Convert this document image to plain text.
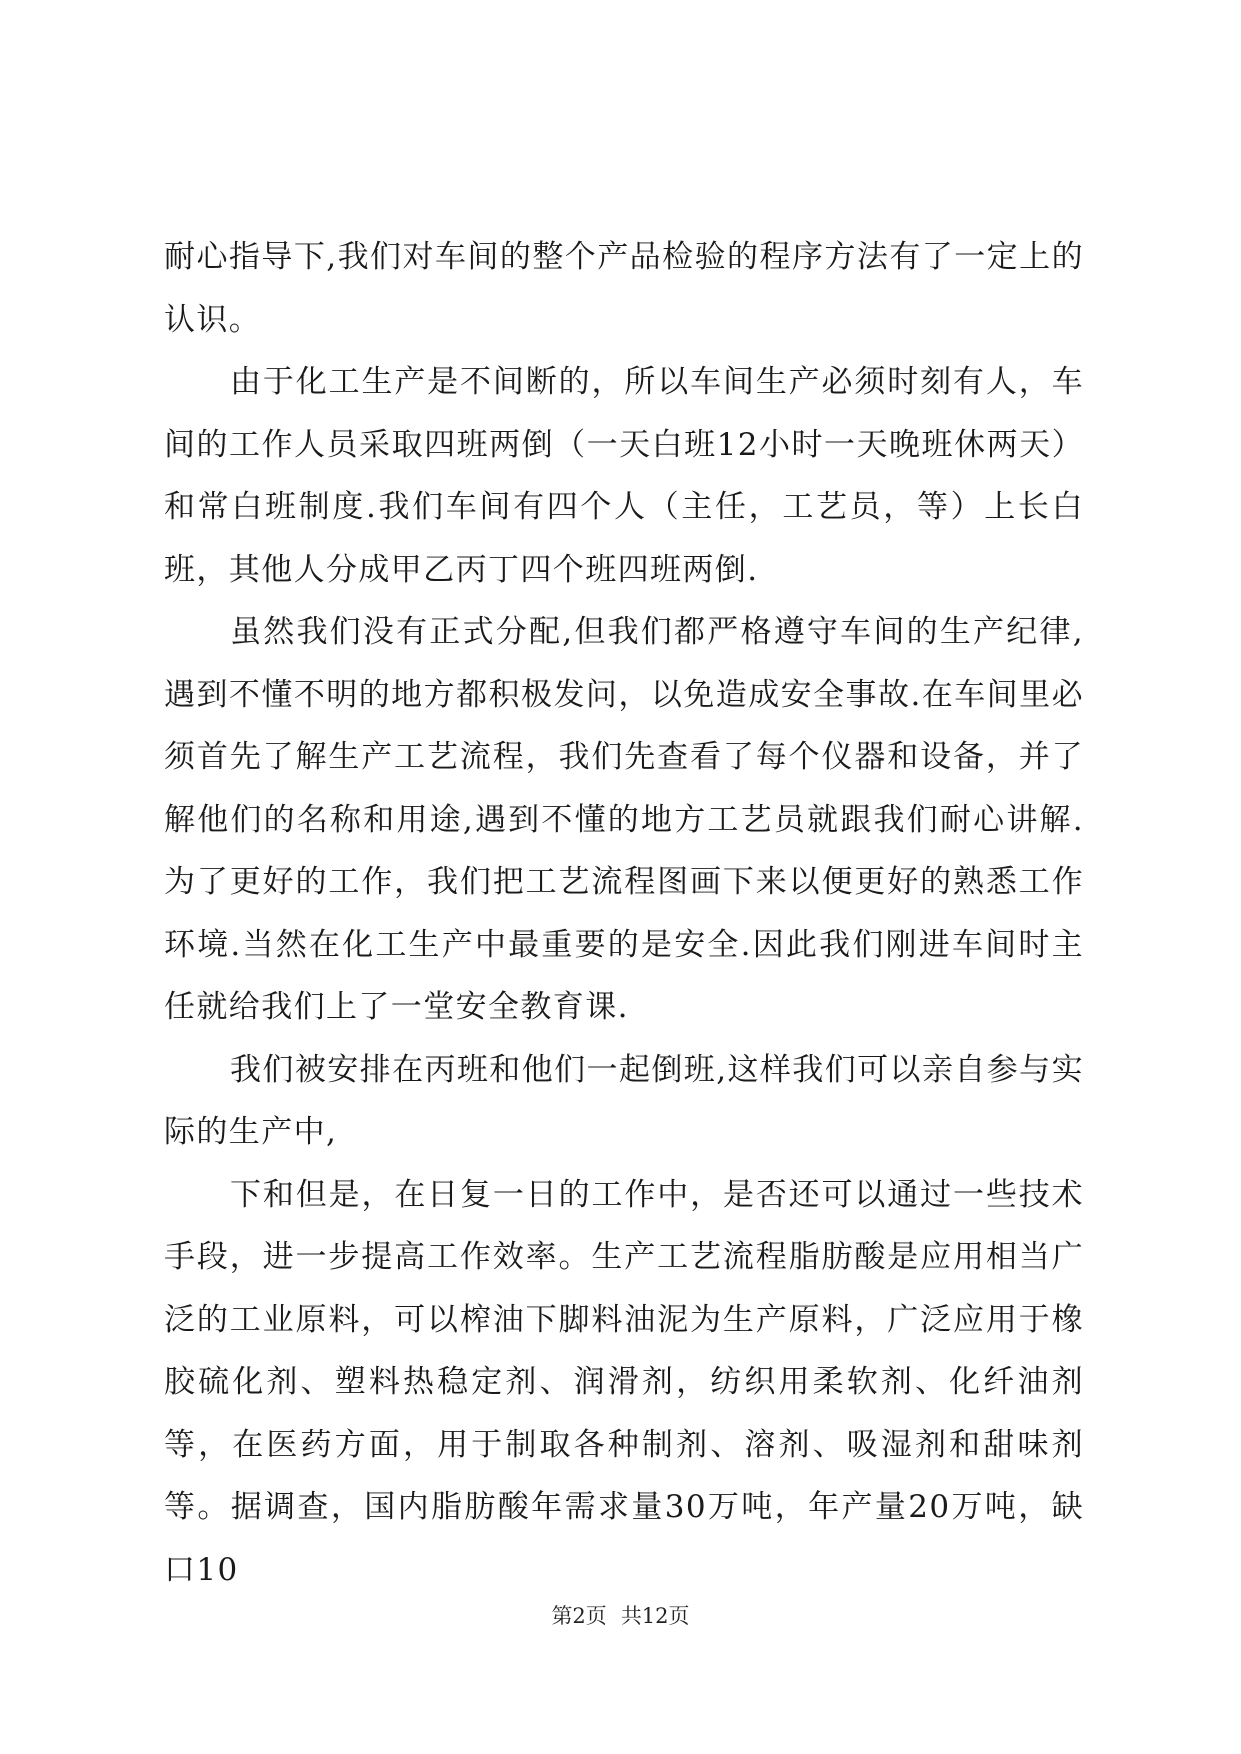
耐心指导下,我们对车间的整个产品检验的程序方法有了一定上的认识。

由于化工生产是不间断的，所以车间生产必须时刻有人，车间的工作人员采取四班两倒（一天白班12小时一天晚班休两天）和常白班制度.我们车间有四个人（主任，工艺员，等）上长白班，其他人分成甲乙丙丁四个班四班两倒.

虽然我们没有正式分配,但我们都严格遵守车间的生产纪律,遇到不懂不明的地方都积极发问，以免造成安全事故.在车间里必须首先了解生产工艺流程，我们先查看了每个仪器和设备，并了解他们的名称和用途,遇到不懂的地方工艺员就跟我们耐心讲解.为了更好的工作，我们把工艺流程图画下来以便更好的熟悉工作环境.当然在化工生产中最重要的是安全.因此我们刚进车间时主任就给我们上了一堂安全教育课.

我们被安排在丙班和他们一起倒班,这样我们可以亲自参与实际的生产中,

下和但是，在日复一日的工作中，是否还可以通过一些技术手段，进一步提高工作效率。生产工艺流程脂肪酸是应用相当广泛的工业原料，可以榨油下脚料油泥为生产原料，广泛应用于橡胶硫化剂、塑料热稳定剂、润滑剂，纺织用柔软剂、化纤油剂等，在医药方面，用于制取各种制剂、溶剂、吸湿剂和甜味剂等。据调查，国内脂肪酸年需求量30万吨，年产量20万吨，缺口10

第2页 共12页
